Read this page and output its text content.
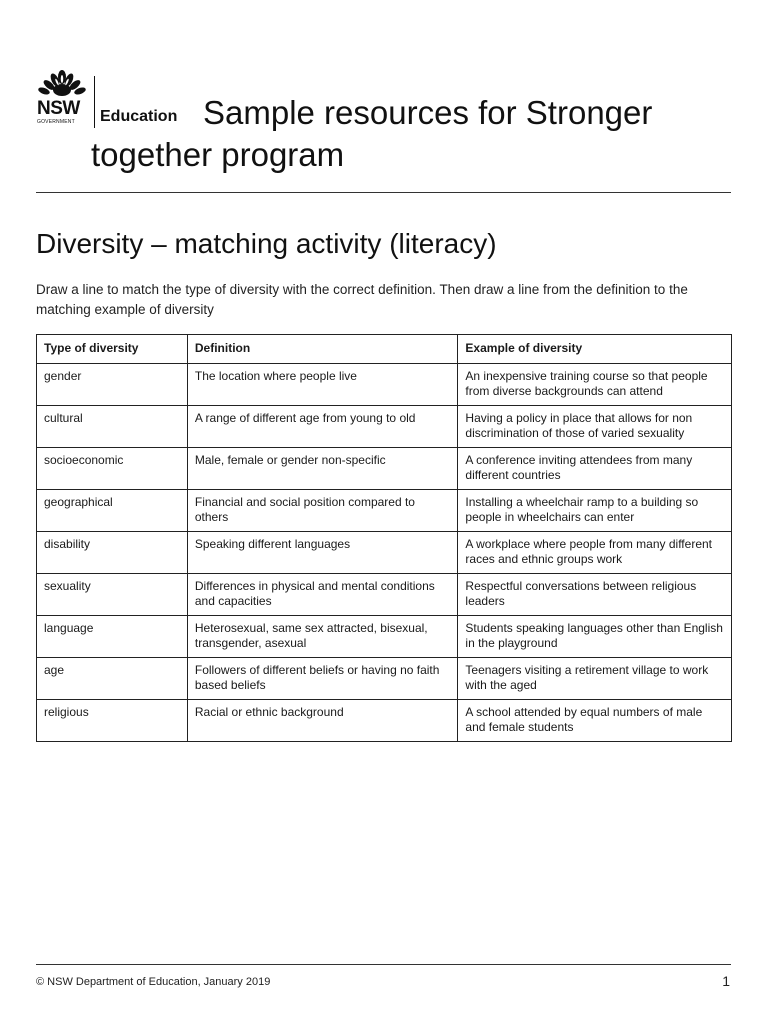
NSW
GOVERNMENT Education Sample resources for Stronger together program
Diversity – matching activity (literacy)

Draw a line to match the type of diversity with the correct definition. Then draw a line from the definition to the matching example of diversity

Type of diversity	Definition	Example of diversity
gender	The location where people live	An inexpensive training course so that people from diverse backgrounds can attend
cultural	A range of different age from young to old	Having a policy in place that allows for non discrimination of those of varied sexuality
socioeconomic	Male, female or gender non-specific	A conference inviting attendees from many different countries
geographical	Financial and social position compared to others	Installing a wheelchair ramp to a building so people in wheelchairs can enter
disability	Speaking different languages	A workplace where people from many different races and ethnic groups work
sexuality	Differences in physical and mental conditions and capacities	Respectful conversations between religious leaders
language	Heterosexual, same sex attracted, bisexual, transgender, asexual	Students speaking languages other than English in the playground
age	Followers of different beliefs or having no faith based beliefs	Teenagers visiting a retirement village to work with the aged
religious	Racial or ethnic background	A school attended by equal numbers of male and female students
© NSW Department of Education, January 2019	1
